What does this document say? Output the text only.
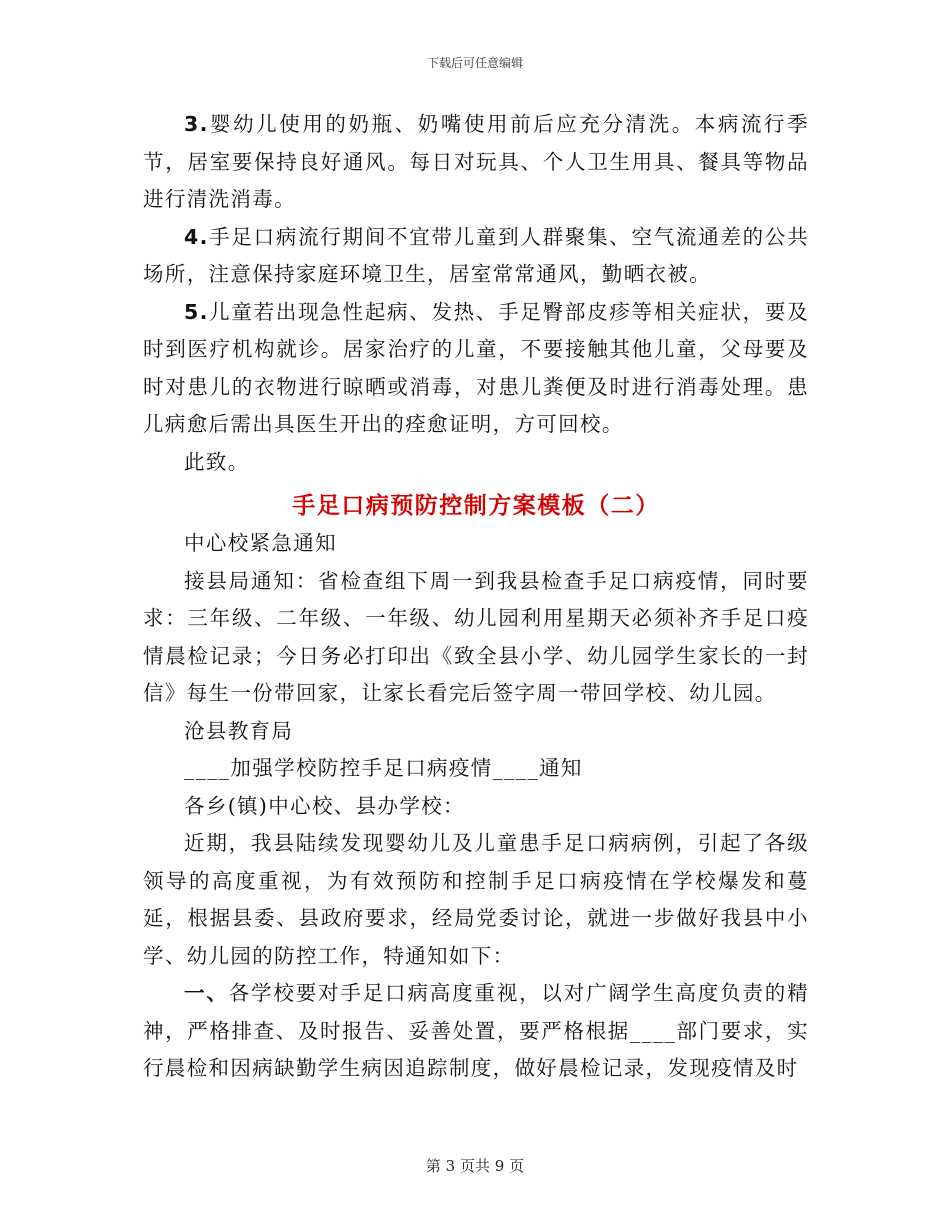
下载后可任意编辑

3.婴幼儿使用的奶瓶、奶嘴使用前后应充分清洗。本病流行季节，居室要保持良好通风。每日对玩具、个人卫生用具、餐具等物品进行清洗消毒。

4.手足口病流行期间不宜带儿童到人群聚集、空气流通差的公共场所，注意保持家庭环境卫生，居室常常通风，勤晒衣被。

5.儿童若出现急性起病、发热、手足臀部皮疹等相关症状，要及时到医疗机构就诊。居家治疗的儿童，不要接触其他儿童，父母要及时对患儿的衣物进行晾晒或消毒，对患儿粪便及时进行消毒处理。患儿病愈后需出具医生开出的痊愈证明，方可回校。

此致。

手足口病预防控制方案模板（二）

中心校紧急通知

接县局通知：省检查组下周一到我县检查手足口病疫情，同时要求：三年级、二年级、一年级、幼儿园利用星期天必须补齐手足口疫情晨检记录；今日务必打印出《致全县小学、幼儿园学生家长的一封信》每生一份带回家，让家长看完后签字周一带回学校、幼儿园。

沧县教育局

____加强学校防控手足口病疫情____通知

各乡(镇)中心校、县办学校：

近期，我县陆续发现婴幼儿及儿童患手足口病病例，引起了各级领导的高度重视，为有效预防和控制手足口病疫情在学校爆发和蔓延，根据县委、县政府要求，经局党委讨论，就进一步做好我县中小学、幼儿园的防控工作，特通知如下：

一、各学校要对手足口病高度重视，以对广阔学生高度负责的精神，严格排查、及时报告、妥善处置，要严格根据____部门要求，实行晨检和因病缺勤学生病因追踪制度，做好晨检记录，发现疫情及时

第 3 页共 9 页
